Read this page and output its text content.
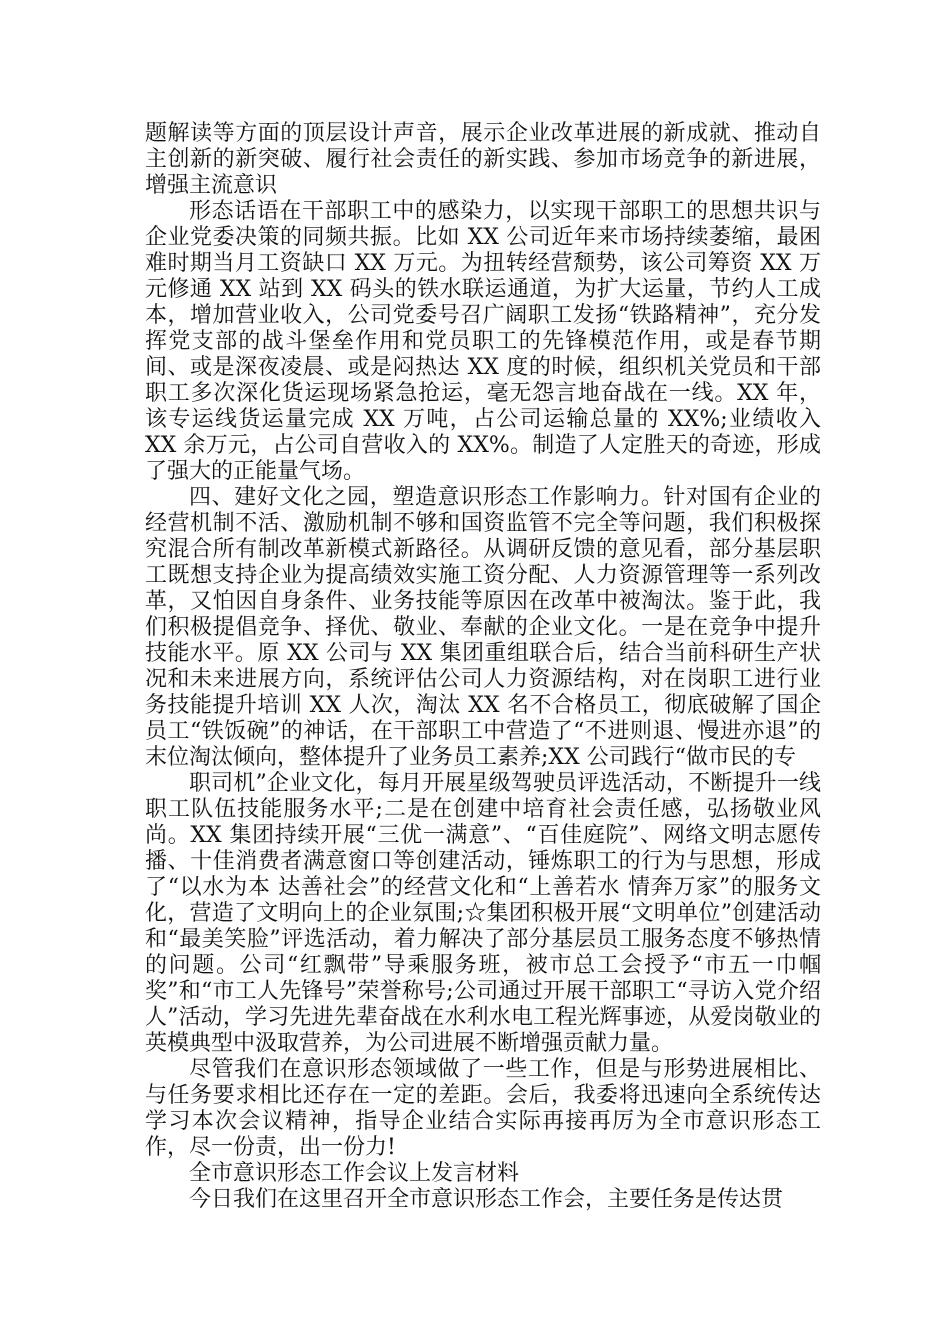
题解读等方面的顶层设计声音，展示企业改革进展的新成就、推动自主创新的新突破、履行社会责任的新实践、参加市场竞争的新进展，增强主流意识

形态话语在干部职工中的感染力，以实现干部职工的思想共识与企业党委决策的同频共振。比如 XX 公司近年来市场持续萎缩，最困难时期当月工资缺口 XX 万元。为扭转经营颓势，该公司筹资 XX 万元修通 XX 站到 XX 码头的铁水联运通道，为扩大运量，节约人工成本，增加营业收入，公司党委号召广阔职工发扬“铁路精神”，充分发挥党支部的战斗堡垒作用和党员职工的先锋模范作用，或是春节期间、或是深夜凌晨、或是闷热达 XX 度的时候，组织机关党员和干部职工多次深化货运现场紧急抢运，毫无怨言地奋战在一线。XX 年，该专运线货运量完成 XX 万吨，占公司运输总量的 XX%;业绩收入 XX 余万元，占公司自营收入的 XX%。制造了人定胜天的奇迹，形成了强大的正能量气场。

四、建好文化之园，塑造意识形态工作影响力。针对国有企业的经营机制不活、激励机制不够和国资监管不完全等问题，我们积极探究混合所有制改革新模式新路径。从调研反馈的意见看，部分基层职工既想支持企业为提高绩效实施工资分配、人力资源管理等一系列改革，又怕因自身条件、业务技能等原因在改革中被淘汰。鉴于此，我们积极提倡竞争、择优、敬业、奉献的企业文化。一是在竞争中提升技能水平。原 XX 公司与 XX 集团重组联合后，结合当前科研生产状况和未来进展方向，系统评估公司人力资源结构，对在岗职工进行业务技能提升培训 XX 人次，淘汰 XX 名不合格员工，彻底破解了国企员工“铁饭碗”的神话，在干部职工中营造了“不进则退、慢进亦退”的末位淘汰倾向，整体提升了业务员工素养;XX 公司践行“做市民的专

职司机”企业文化，每月开展星级驾驶员评选活动，不断提升一线职工队伍技能服务水平;二是在创建中培育社会责任感，弘扬敬业风尚。XX 集团持续开展“三优一满意”、“百佳庭院”、网络文明志愿传播、十佳消费者满意窗口等创建活动，锤炼职工的行为与思想，形成了“以水为本 达善社会”的经营文化和“上善若水 情奔万家”的服务文化，营造了文明向上的企业氛围;☆集团积极开展“文明单位”创建活动和“最美笑脸”评选活动，着力解决了部分基层员工服务态度不够热情的问题。公司“红飘带”导乘服务班，被市总工会授予“市五一巾帼奖”和“市工人先锋号”荣誉称号;公司通过开展干部职工“寻访入党介绍人”活动，学习先进先辈奋战在水利水电工程光辉事迹，从爱岗敬业的英模典型中汲取营养，为公司进展不断增强贡献力量。

尽管我们在意识形态领域做了一些工作，但是与形势进展相比、与任务要求相比还存在一定的差距。会后，我委将迅速向全系统传达学习本次会议精神，指导企业结合实际再接再厉为全市意识形态工作，尽一份责，出一份力!

全市意识形态工作会议上发言材料

今日我们在这里召开全市意识形态工作会，主要任务是传达贯
